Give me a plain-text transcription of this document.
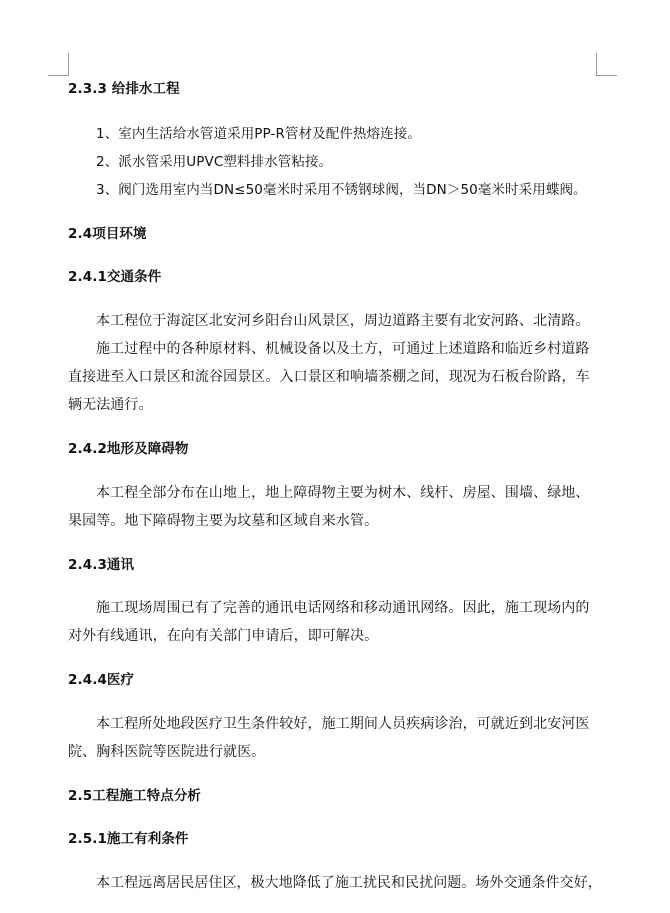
2.3.3 给排水工程
1、室内生活给水管道采用PP-R管材及配件热熔连接。
2、派水管采用UPVC塑料排水管粘接。
3、阀门选用室内当DN≤50毫米时采用不锈钢球阀，当DN＞50毫米时采用蝶阀。
2.4项目环境
2.4.1交通条件
本工程位于海淀区北安河乡阳台山风景区，周边道路主要有北安河路、北清路。
施工过程中的各种原材料、机械设备以及土方，可通过上述道路和临近乡村道路
直接进至入口景区和流谷园景区。入口景区和响墙茶棚之间，现况为石板台阶路，车
辆无法通行。
2.4.2地形及障碍物
本工程全部分布在山地上，地上障碍物主要为树木、线杆、房屋、围墙、绿地、
果园等。地下障碍物主要为坟墓和区域自来水管。
2.4.3通讯
施工现场周围已有了完善的通讯电话网络和移动通讯网络。因此，施工现场内的
对外有线通讯，在向有关部门申请后，即可解决。
2.4.4医疗
本工程所处地段医疗卫生条件较好，施工期间人员疾病诊治，可就近到北安河医
院、胸科医院等医院进行就医。
2.5工程施工特点分析
2.5.1施工有利条件
本工程远离居民居住区，极大地降低了施工扰民和民扰问题。场外交通条件交好，
